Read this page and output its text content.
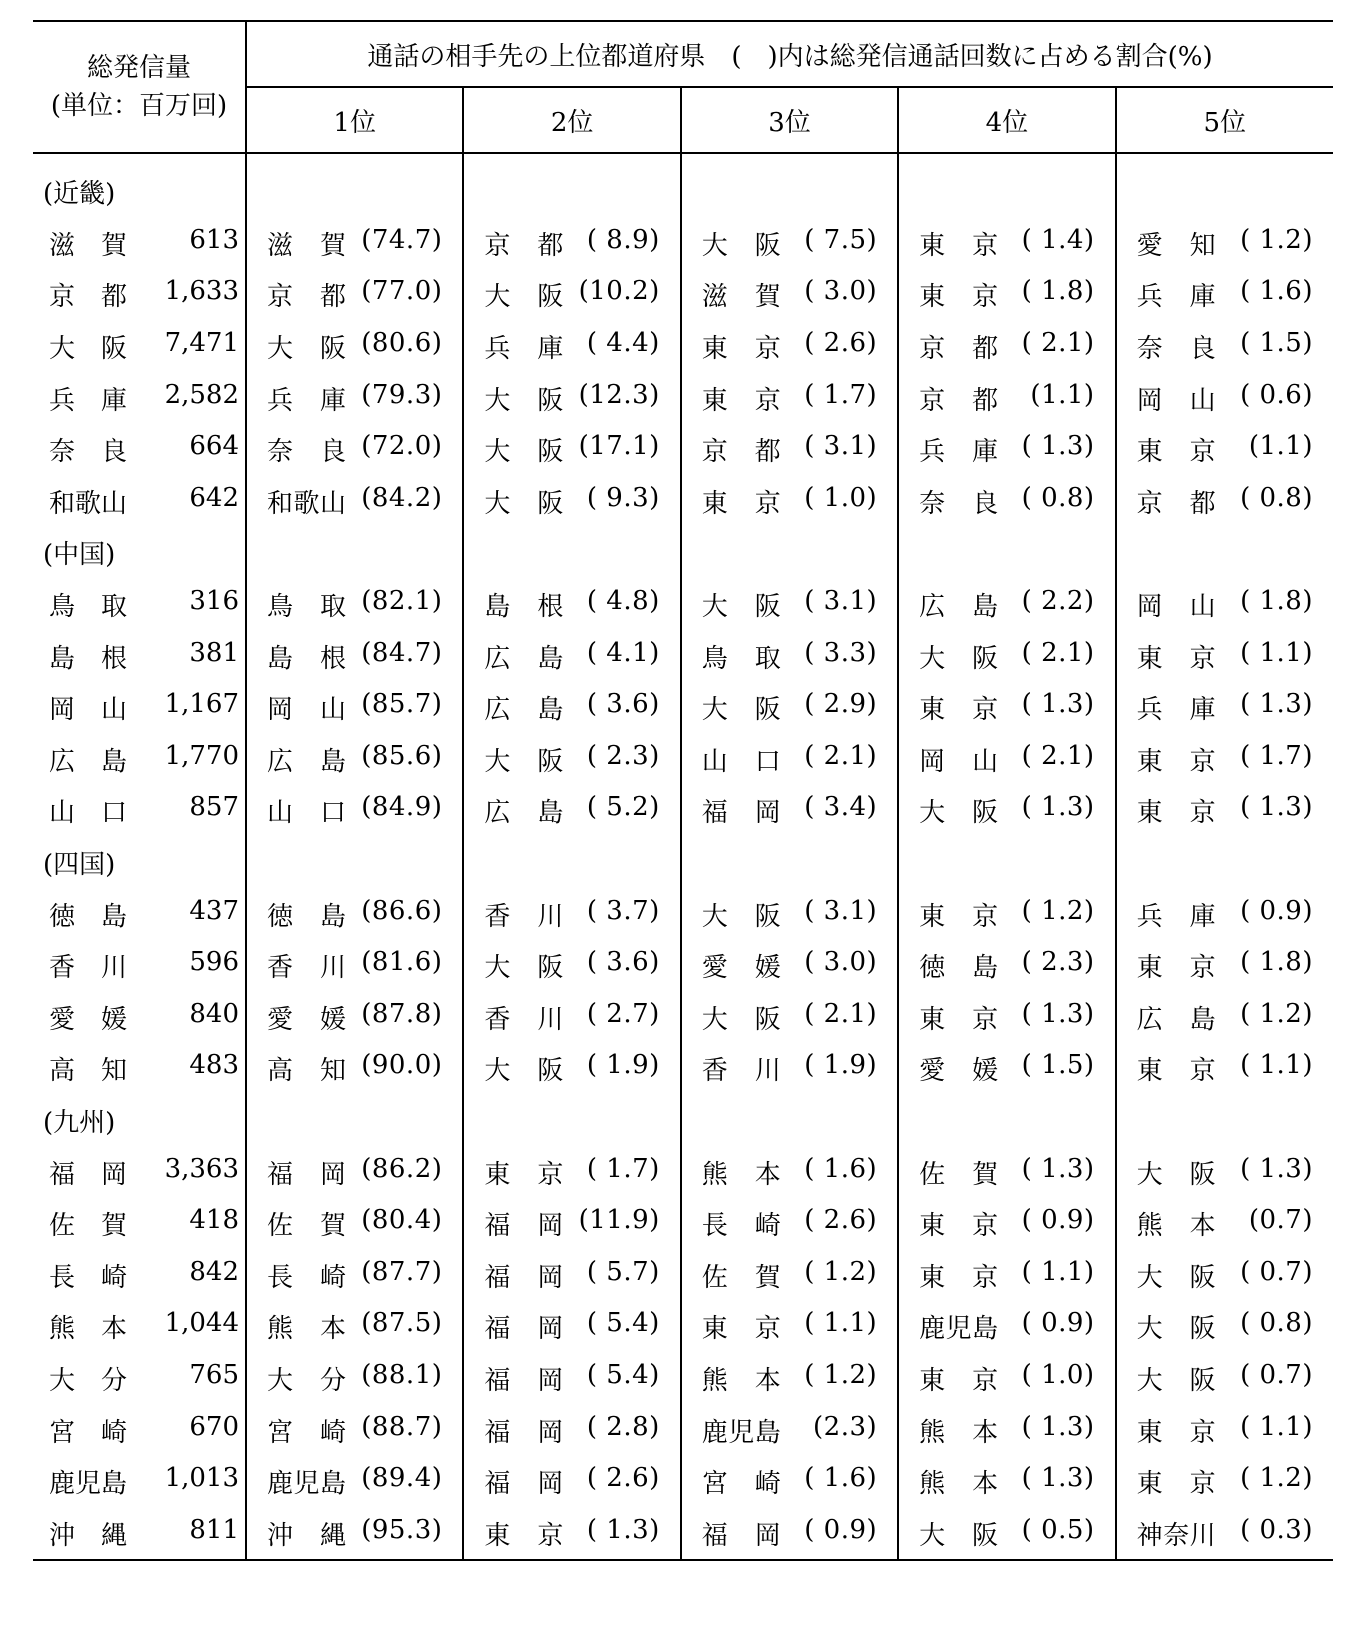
総発信量
(単位：百万回)	通話の相手先の上位都道府県　(　)内は総発信通話回数に占める割合(%)				
	1位	2位	3位	4位	5位

(近畿)					

滋　賀 613	滋　賀 (74.7)	京　都 ( 8.9)	大　阪 ( 7.5)	東　京 ( 1.4)	愛　知 ( 1.2)

京　都 1,633	京　都 (77.0)	大　阪 (10.2)	滋　賀 ( 3.0)	東　京 ( 1.8)	兵　庫 ( 1.6)

大　阪 7,471	大　阪 (80.6)	兵　庫 ( 4.4)	東　京 ( 2.6)	京　都 ( 2.1)	奈　良 ( 1.5)

兵　庫 2,582	兵　庫 (79.3)	大　阪 (12.3)	東　京 ( 1.7)	京　都 (1.1)	岡　山 ( 0.6)

奈　良 664	奈　良 (72.0)	大　阪 (17.1)	京　都 ( 3.1)	兵　庫 ( 1.3)	東　京 (1.1)

和歌山 642	和歌山 (84.2)	大　阪 ( 9.3)	東　京 ( 1.0)	奈　良 ( 0.8)	京　都 ( 0.8)

(中国)					

鳥　取 316	鳥　取 (82.1)	島　根 ( 4.8)	大　阪 ( 3.1)	広　島 ( 2.2)	岡　山 ( 1.8)

島　根 381	島　根 (84.7)	広　島 ( 4.1)	鳥　取 ( 3.3)	大　阪 ( 2.1)	東　京 ( 1.1)

岡　山 1,167	岡　山 (85.7)	広　島 ( 3.6)	大　阪 ( 2.9)	東　京 ( 1.3)	兵　庫 ( 1.3)

広　島 1,770	広　島 (85.6)	大　阪 ( 2.3)	山　口 ( 2.1)	岡　山 ( 2.1)	東　京 ( 1.7)

山　口 857	山　口 (84.9)	広　島 ( 5.2)	福　岡 ( 3.4)	大　阪 ( 1.3)	東　京 ( 1.3)

(四国)					

徳　島 437	徳　島 (86.6)	香　川 ( 3.7)	大　阪 ( 3.1)	東　京 ( 1.2)	兵　庫 ( 0.9)

香　川 596	香　川 (81.6)	大　阪 ( 3.6)	愛　媛 ( 3.0)	徳　島 ( 2.3)	東　京 ( 1.8)

愛　媛 840	愛　媛 (87.8)	香　川 ( 2.7)	大　阪 ( 2.1)	東　京 ( 1.3)	広　島 ( 1.2)

高　知 483	高　知 (90.0)	大　阪 ( 1.9)	香　川 ( 1.9)	愛　媛 ( 1.5)	東　京 ( 1.1)

(九州)					

福　岡 3,363	福　岡 (86.2)	東　京 ( 1.7)	熊　本 ( 1.6)	佐　賀 ( 1.3)	大　阪 ( 1.3)

佐　賀 418	佐　賀 (80.4)	福　岡 (11.9)	長　崎 ( 2.6)	東　京 ( 0.9)	熊　本 (0.7)

長　崎 842	長　崎 (87.7)	福　岡 ( 5.7)	佐　賀 ( 1.2)	東　京 ( 1.1)	大　阪 ( 0.7)

熊　本 1,044	熊　本 (87.5)	福　岡 ( 5.4)	東　京 ( 1.1)	鹿児島 ( 0.9)	大　阪 ( 0.8)

大　分 765	大　分 (88.1)	福　岡 ( 5.4)	熊　本 ( 1.2)	東　京 ( 1.0)	大　阪 ( 0.7)

宮　崎 670	宮　崎 (88.7)	福　岡 ( 2.8)	鹿児島 (2.3)	熊　本 ( 1.3)	東　京 ( 1.1)

鹿児島 1,013	鹿児島 (89.4)	福　岡 ( 2.6)	宮　崎 ( 1.6)	熊　本 ( 1.3)	東　京 ( 1.2)

沖　縄 811	沖　縄 (95.3)	東　京 ( 1.3)	福　岡 ( 0.9)	大　阪 ( 0.5)	神奈川 ( 0.3)
